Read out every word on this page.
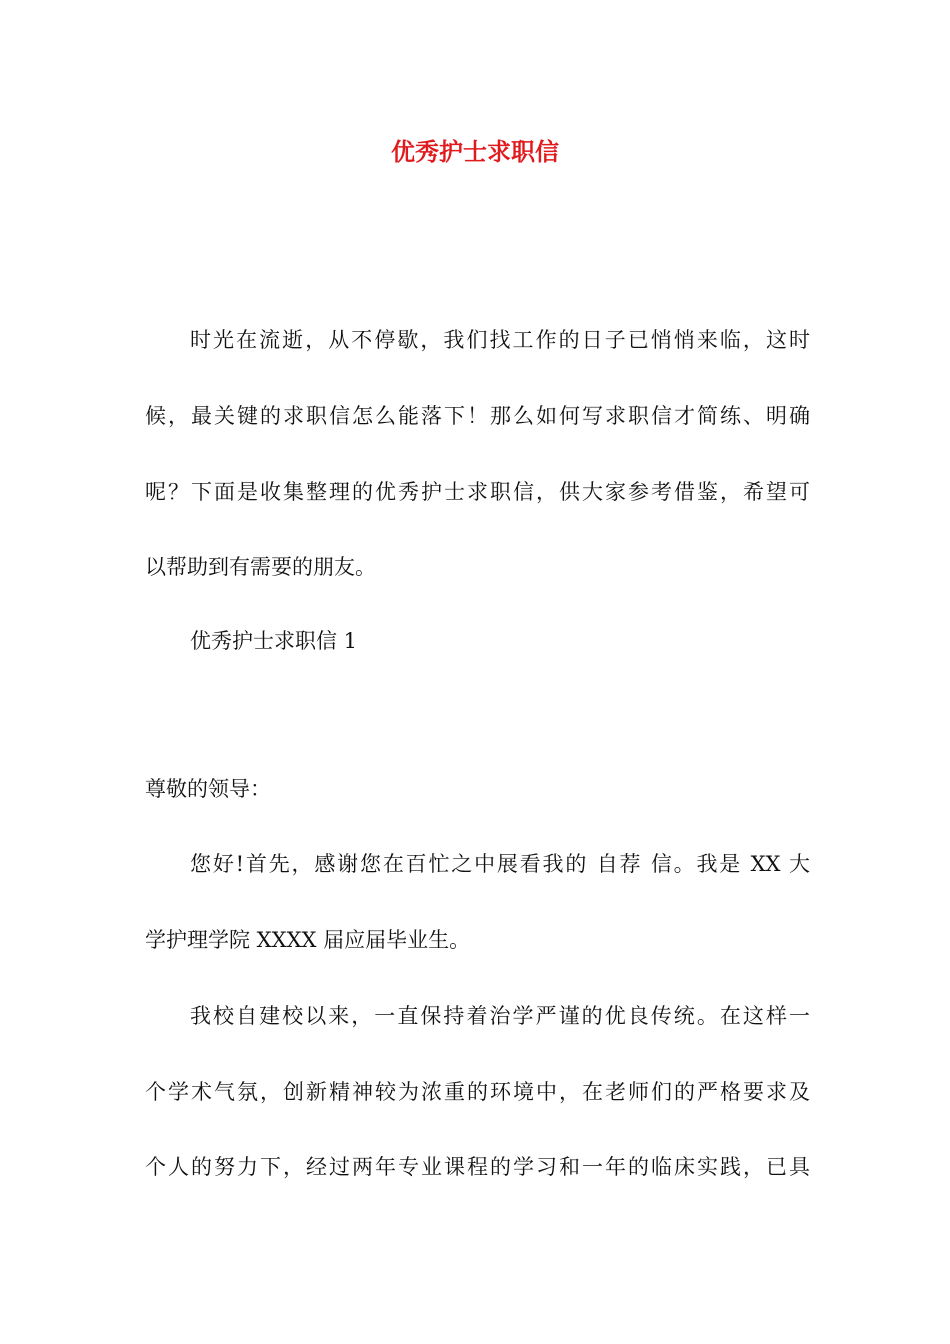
优秀护士求职信
时光在流逝，从不停歇，我们找工作的日子已悄悄来临，这时
候，最关键的求职信怎么能落下！那么如何写求职信才简练、明确
呢？下面是收集整理的优秀护士求职信，供大家参考借鉴，希望可
以帮助到有需要的朋友。
优秀护士求职信 1
尊敬的领导：
您好!首先，感谢您在百忙之中展看我的 自荐 信。我是 XX 大
学护理学院 XXXX 届应届毕业生。
我校自建校以来，一直保持着治学严谨的优良传统。在这样一
个学术气氛，创新精神较为浓重的环境中，在老师们的严格要求及
个人的努力下，经过两年专业课程的学习和一年的临床实践，已具
